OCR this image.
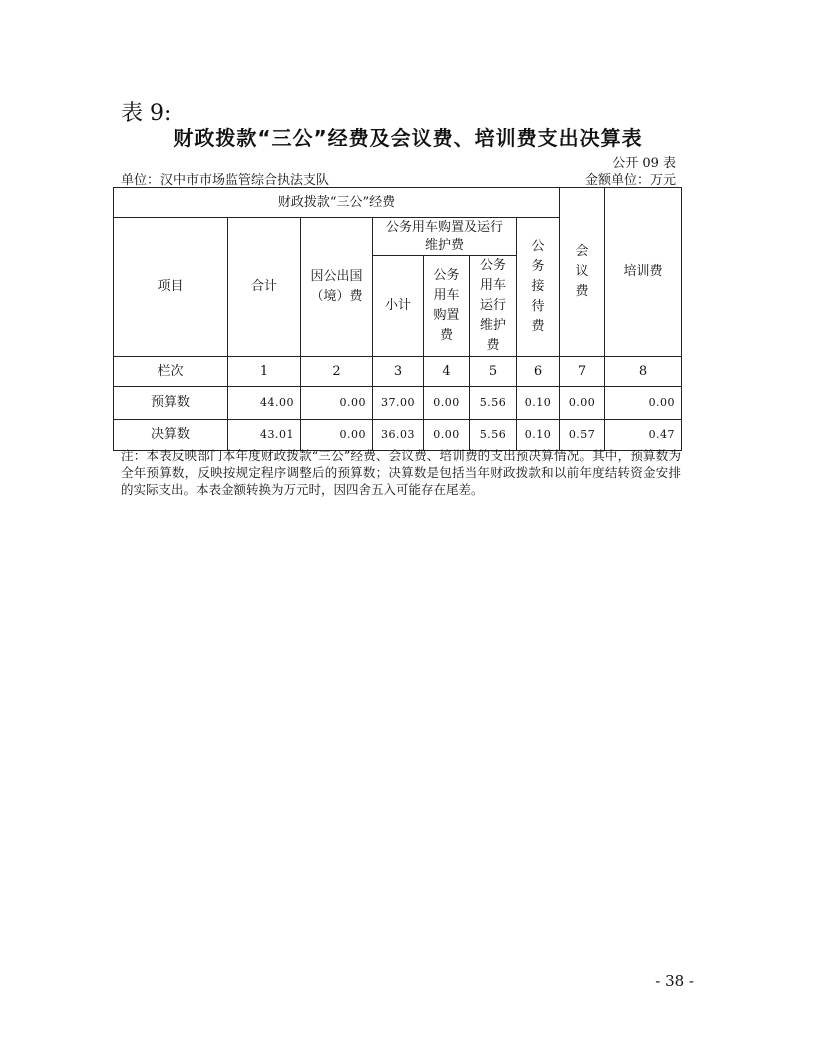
表 9:
财政拨款“三公”经费及会议费、培训费支出决算表
公开 09 表
单位：汉中市市场监管综合执法支队	金额单位：万元
财政拨款“三公”经费							会议费	培训费
项目	合计	因公出国（境）费	公务用车购置及运行维护费			公务接待费		
			小计	公务用车购置费	公务用车运行维护费			
栏次	1	2	3	4	5	6	7	8
预算数	44.00	0.00	37.00	0.00	5.56	0.10	0.00	0.00
决算数	43.01	0.00	36.03	0.00	5.56	0.10	0.57	0.47
注：本表反映部门本年度财政拨款“三公”经费、会议费、培训费的支出预决算情况。其中，预算数为全年预算数，反映按规定程序调整后的预算数；决算数是包括当年财政拨款和以前年度结转资金安排的实际支出。本表金额转换为万元时，因四舍五入可能存在尾差。
- 38 -
